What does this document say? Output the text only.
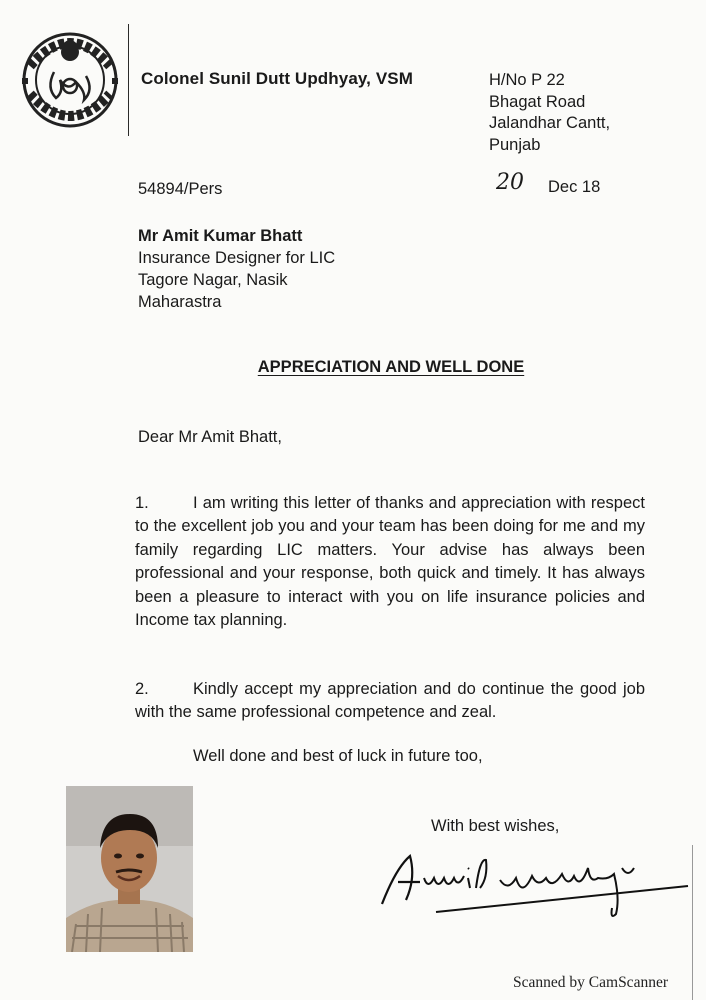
Colonel Sunil Dutt Updhyay, VSM	H/No P 22
Bhagat Road
Jalandhar Cantt,
Punjab
54894/Pers	20 Dec 18
Mr Amit Kumar Bhatt
Insurance Designer for LIC
Tagore Nagar, Nasik
Maharastra
APPRECIATION AND WELL DONE
Dear Mr Amit Bhatt,
1.	I am writing this letter of thanks and appreciation with respect to the excellent job you and your team has been doing for me and my family regarding LIC matters. Your advise has always been professional and your response, both quick and timely. It has always been a pleasure to interact with you on life insurance policies and Income tax planning.
2.	Kindly accept my appreciation and do continue the good job with the same professional competence and zeal.
Well done and best of luck in future too,
With best wishes,
Scanned by CamScanner
